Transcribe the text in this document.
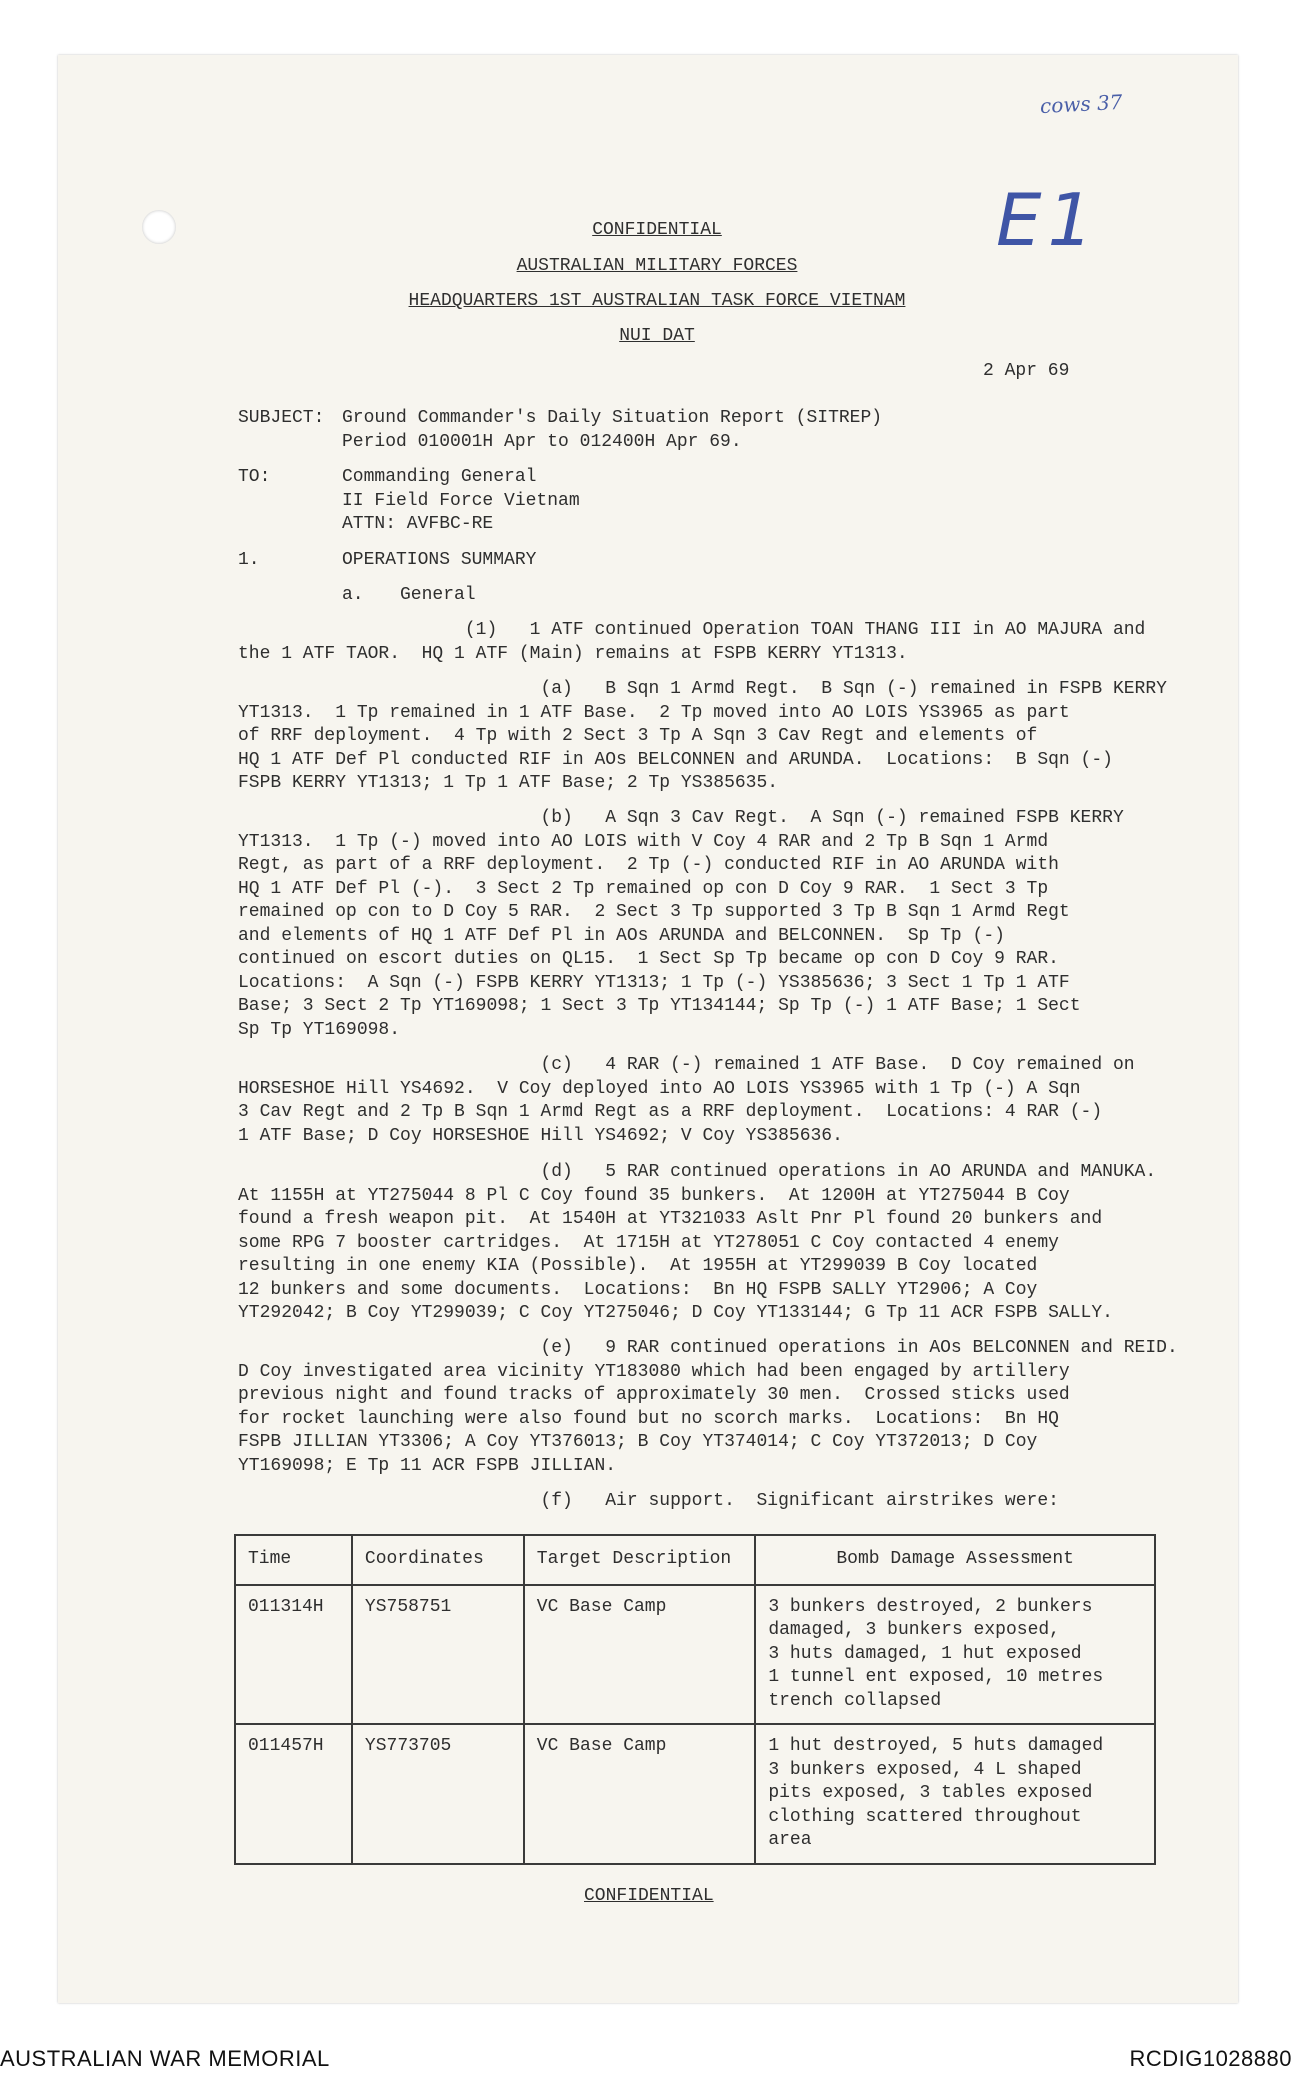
cows 37
E1
CONFIDENTIAL
AUSTRALIAN MILITARY FORCES
HEADQUARTERS 1ST AUSTRALIAN TASK FORCE VIETNAM
NUI DAT
2 Apr 69
SUBJECT: Ground Commander's Daily Situation Report (SITREP)
Period 010001H Apr to 012400H Apr 69.
TO:	Commanding General
II Field Force Vietnam
ATTN: AVFBC-RE
1.	OPERATIONS SUMMARY
a. General
(1)   1 ATF continued Operation TOAN THANG III in AO MAJURA and
the 1 ATF TAOR.  HQ 1 ATF (Main) remains at FSPB KERRY YT1313.
(a)   B Sqn 1 Armd Regt.  B Sqn (-) remained in FSPB KERRY
YT1313.  1 Tp remained in 1 ATF Base.  2 Tp moved into AO LOIS YS3965 as part
of RRF deployment.  4 Tp with 2 Sect 3 Tp A Sqn 3 Cav Regt and elements of
HQ 1 ATF Def Pl conducted RIF in AOs BELCONNEN and ARUNDA.  Locations:  B Sqn (-)
FSPB KERRY YT1313; 1 Tp 1 ATF Base; 2 Tp YS385635.
(b)   A Sqn 3 Cav Regt.  A Sqn (-) remained FSPB KERRY
YT1313.  1 Tp (-) moved into AO LOIS with V Coy 4 RAR and 2 Tp B Sqn 1 Armd
Regt, as part of a RRF deployment.  2 Tp (-) conducted RIF in AO ARUNDA with
HQ 1 ATF Def Pl (-).  3 Sect 2 Tp remained op con D Coy 9 RAR.  1 Sect 3 Tp
remained op con to D Coy 5 RAR.  2 Sect 3 Tp supported 3 Tp B Sqn 1 Armd Regt
and elements of HQ 1 ATF Def Pl in AOs ARUNDA and BELCONNEN.  Sp Tp (-)
continued on escort duties on QL15.  1 Sect Sp Tp became op con D Coy 9 RAR.
Locations:  A Sqn (-) FSPB KERRY YT1313; 1 Tp (-) YS385636; 3 Sect 1 Tp 1 ATF
Base; 3 Sect 2 Tp YT169098; 1 Sect 3 Tp YT134144; Sp Tp (-) 1 ATF Base; 1 Sect
Sp Tp YT169098.
(c)   4 RAR (-) remained 1 ATF Base.  D Coy remained on
HORSESHOE Hill YS4692.  V Coy deployed into AO LOIS YS3965 with 1 Tp (-) A Sqn
3 Cav Regt and 2 Tp B Sqn 1 Armd Regt as a RRF deployment.  Locations: 4 RAR (-)
1 ATF Base; D Coy HORSESHOE Hill YS4692; V Coy YS385636.
(d)   5 RAR continued operations in AO ARUNDA and MANUKA.
At 1155H at YT275044 8 Pl C Coy found 35 bunkers.  At 1200H at YT275044 B Coy
found a fresh weapon pit.  At 1540H at YT321033 Aslt Pnr Pl found 20 bunkers and
some RPG 7 booster cartridges.  At 1715H at YT278051 C Coy contacted 4 enemy
resulting in one enemy KIA (Possible).  At 1955H at YT299039 B Coy located
12 bunkers and some documents.  Locations:  Bn HQ FSPB SALLY YT2906; A Coy
YT292042; B Coy YT299039; C Coy YT275046; D Coy YT133144; G Tp 11 ACR FSPB SALLY.
(e)   9 RAR continued operations in AOs BELCONNEN and REID.
D Coy investigated area vicinity YT183080 which had been engaged by artillery
previous night and found tracks of approximately 30 men.  Crossed sticks used
for rocket launching were also found but no scorch marks.  Locations:  Bn HQ
FSPB JILLIAN YT3306; A Coy YT376013; B Coy YT374014; C Coy YT372013; D Coy
YT169098; E Tp 11 ACR FSPB JILLIAN.
(f)   Air support.  Significant airstrikes were:
Time	Coordinates	Target Description	Bomb Damage Assessment
011314H	YS758751	VC Base Camp	3 bunkers destroyed, 2 bunkers
damaged, 3 bunkers exposed,
3 huts damaged, 1 hut exposed
1 tunnel ent exposed, 10 metres
trench collapsed

011457H	YS773705	VC Base Camp	1 hut destroyed, 5 huts damaged
3 bunkers exposed, 4 L shaped
pits exposed, 3 tables exposed
clothing scattered throughout
area
CONFIDENTIAL
AUSTRALIAN WAR MEMORIAL	RCDIG1028880
